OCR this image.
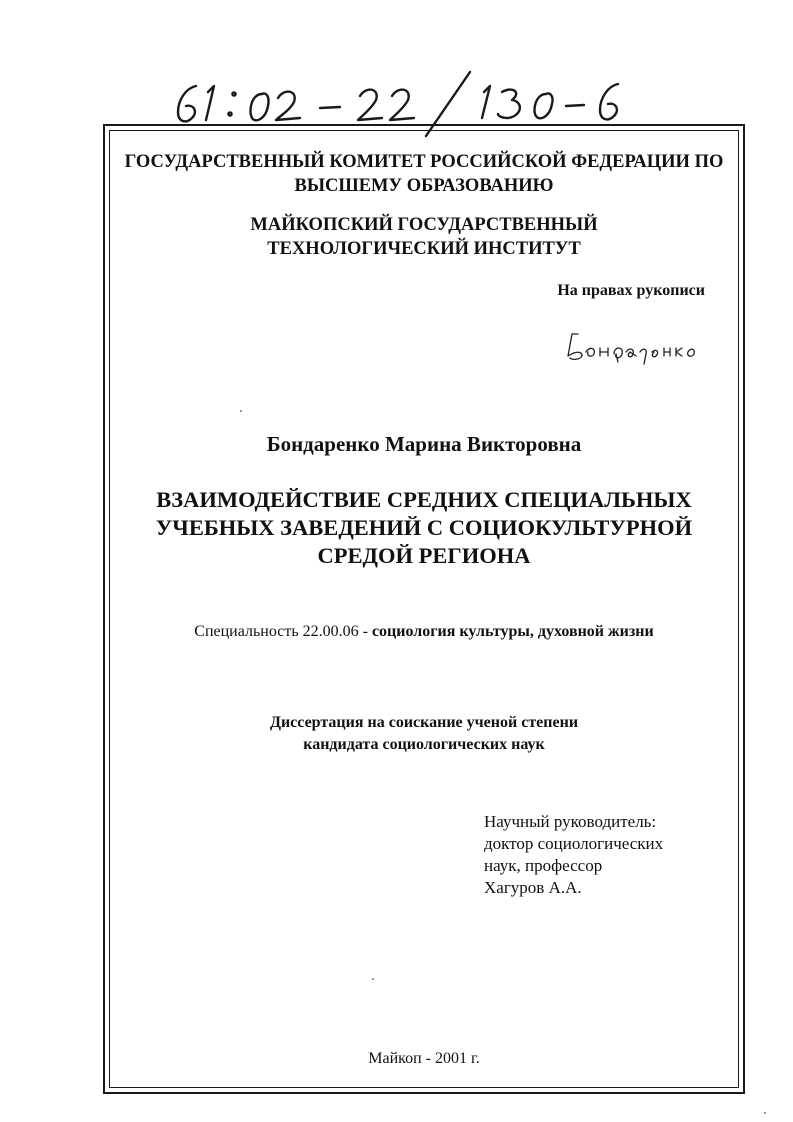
ГОСУДАРСТВЕННЫЙ КОМИТЕТ РОССИЙСКОЙ ФЕДЕРАЦИИ ПО ВЫСШЕМУ ОБРАЗОВАНИЮ
МАЙКОПСКИЙ ГОСУДАРСТВЕННЫЙ ТЕХНОЛОГИЧЕСКИЙ ИНСТИТУТ
На правах рукописи
Бондаренко Марина Викторовна
ВЗАИМОДЕЙСТВИЕ СРЕДНИХ СПЕЦИАЛЬНЫХ УЧЕБНЫХ ЗАВЕДЕНИЙ С СОЦИОКУЛЬТУРНОЙ СРЕДОЙ РЕГИОНА
Специальность 22.00.06 - социология культуры, духовной жизни
Диссертация на соискание ученой степени
кандидата социологических наук
Научный руководитель:
доктор социологических
наук, профессор
Хагуров А.А.
Майкоп - 2001 г.
